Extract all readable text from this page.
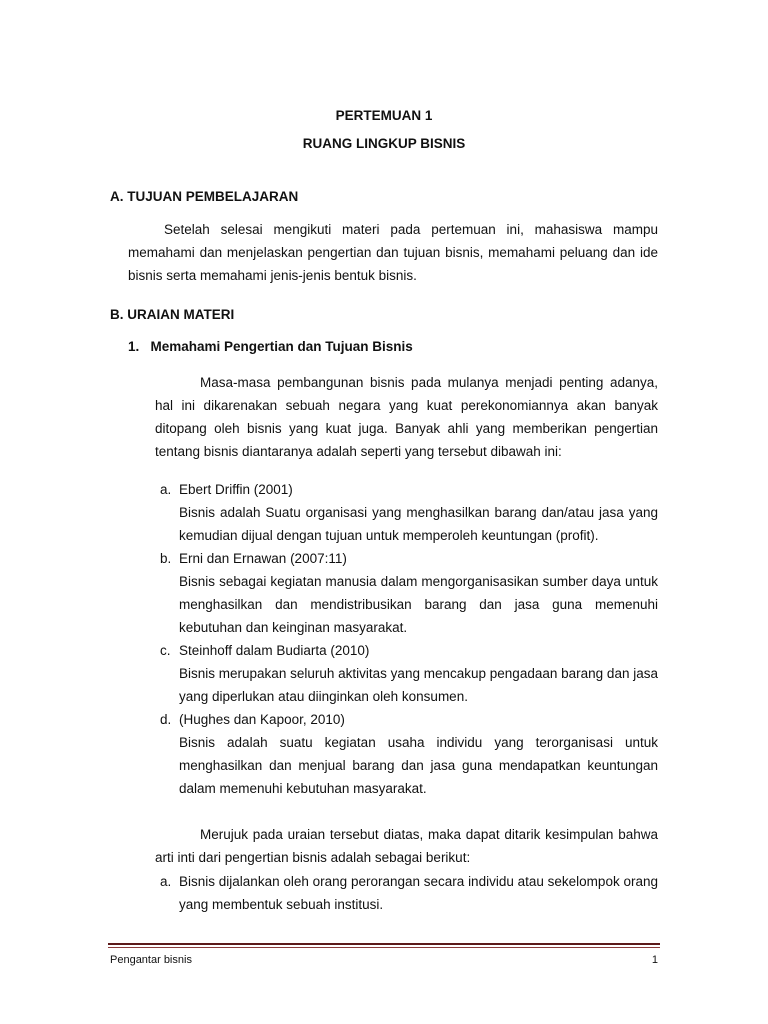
PERTEMUAN 1
RUANG LINGKUP BISNIS
A. TUJUAN PEMBELAJARAN

Setelah selesai mengikuti materi pada pertemuan ini, mahasiswa mampu memahami dan menjelaskan pengertian dan tujuan bisnis, memahami peluang dan ide bisnis serta memahami jenis-jenis bentuk bisnis.

B. URAIAN MATERI
1.   Memahami Pengertian dan Tujuan Bisnis

Masa-masa pembangunan bisnis pada mulanya menjadi penting adanya, hal ini dikarenakan sebuah negara yang kuat perekonomiannya akan banyak ditopang oleh bisnis yang kuat juga. Banyak ahli yang memberikan pengertian tentang bisnis diantaranya adalah seperti yang tersebut dibawah ini:

a. Ebert Driffin (2001)

Bisnis adalah Suatu organisasi yang menghasilkan barang dan/atau jasa yang kemudian dijual dengan tujuan untuk memperoleh keuntungan (profit).

b. Erni dan Ernawan (2007:11)

Bisnis sebagai kegiatan manusia dalam mengorganisasikan sumber daya untuk menghasilkan dan mendistribusikan barang dan jasa guna memenuhi kebutuhan dan keinginan masyarakat.

c. Steinhoff dalam Budiarta (2010)

Bisnis merupakan seluruh aktivitas yang mencakup pengadaan barang dan jasa yang diperlukan atau diinginkan oleh konsumen.

d. (Hughes dan Kapoor, 2010)

Bisnis adalah suatu kegiatan usaha individu yang terorganisasi untuk menghasilkan dan menjual barang dan jasa guna mendapatkan keuntungan dalam memenuhi kebutuhan masyarakat.

Merujuk pada uraian tersebut diatas, maka dapat ditarik kesimpulan bahwa arti inti dari pengertian bisnis adalah sebagai berikut:

a. Bisnis dijalankan oleh orang perorangan secara individu atau sekelompok orang yang membentuk sebuah institusi.

Pengantar bisnis	1
